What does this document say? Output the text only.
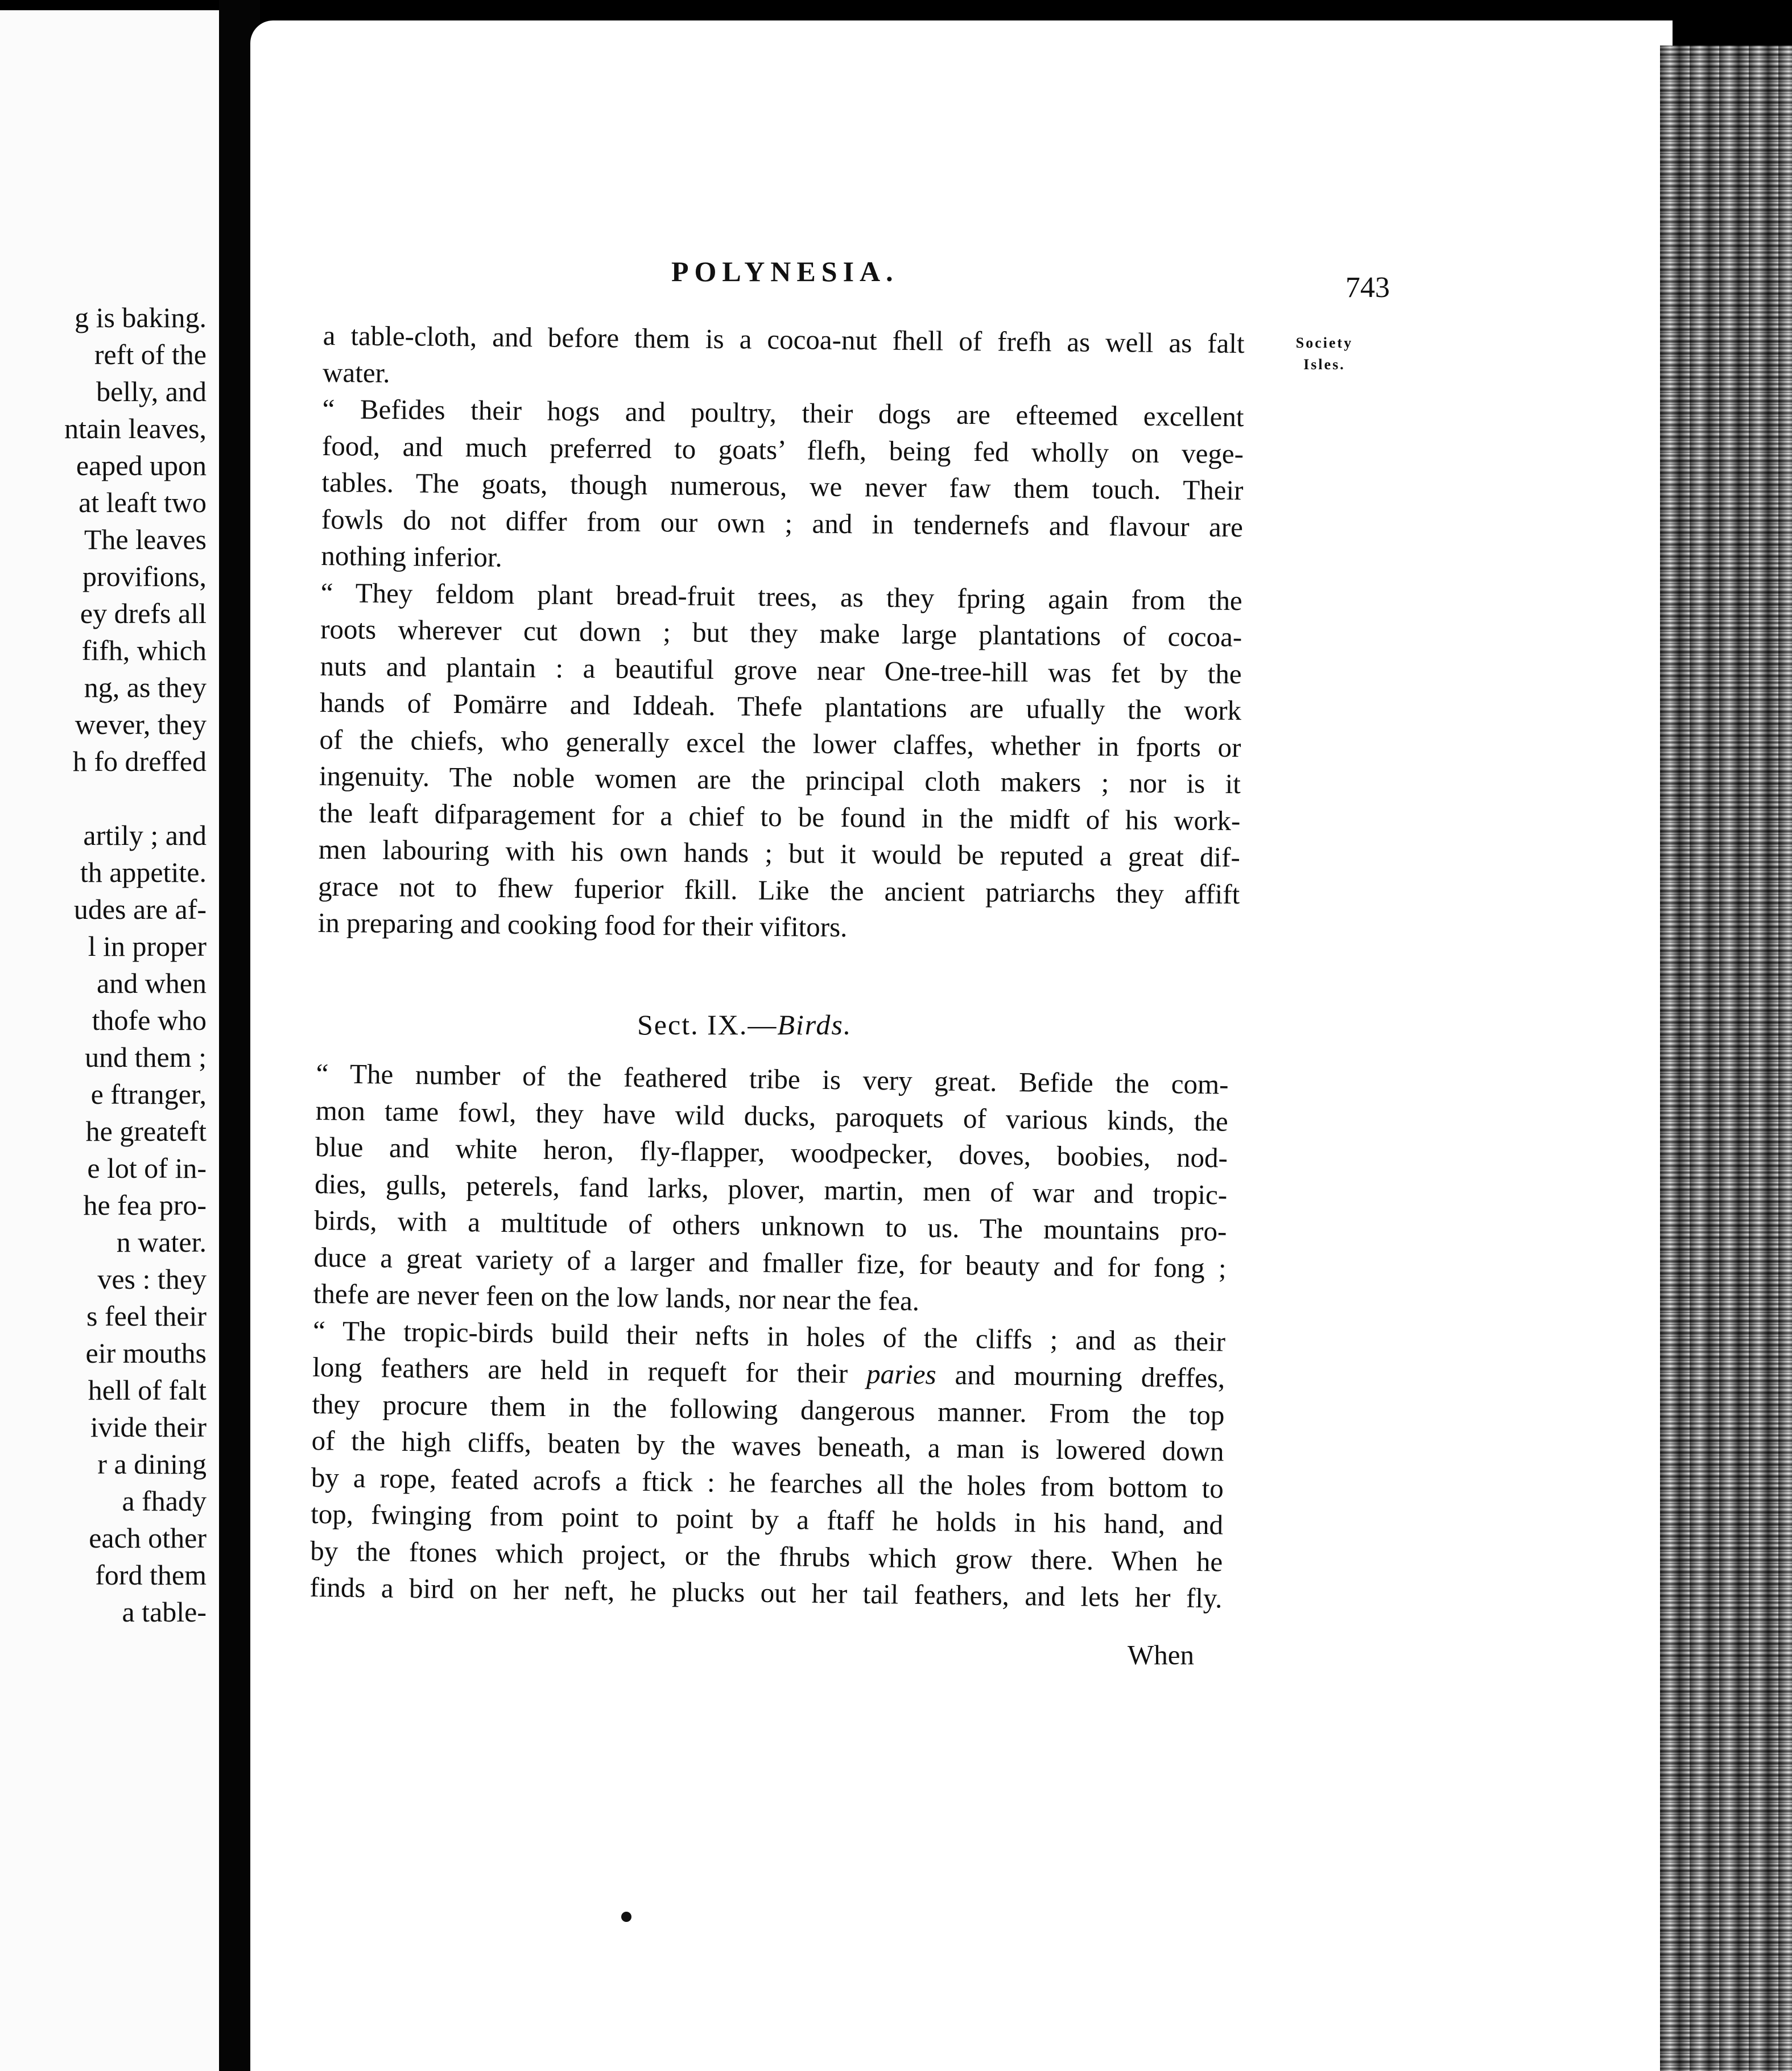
g is baking.
reft of the
belly, and
ntain leaves,
eaped upon
at leaft two
The leaves
provifions,
ey drefs all
fifh, which
ng, as they
wever, they
h fo dreffed
artily ; and
th appetite.
udes are af-
l in proper
and when
thofe who
und them ;
e ftranger,
he greateft
e lot of in-
he fea pro-
n water.
ves : they
s feel their
eir mouths
hell of falt
ivide their
r a dining
a fhady
each other
ford them
a table-
POLYNESIA.	743
Society
Isles.
a table-cloth, and before them is a cocoa-nut fhell of frefh as well as falt
water.
“ Befides their hogs and poultry, their dogs are efteemed excellent
food, and much preferred to goats’ flefh, being fed wholly on vege-
tables. The goats, though numerous, we never faw them touch. Their
fowls do not differ from our own ; and in tendernefs and flavour are
nothing inferior.
“ They feldom plant bread-fruit trees, as they fpring again from the
roots wherever cut down ; but they make large plantations of cocoa-
nuts and plantain : a beautiful grove near One-tree-hill was fet by the
hands of Pomärre and Iddeah. Thefe plantations are ufually the work
of the chiefs, who generally excel the lower claffes, whether in fports or
ingenuity. The noble women are the principal cloth makers ; nor is it
the leaft difparagement for a chief to be found in the midft of his work-
men labouring with his own hands ; but it would be reputed a great dif-
grace not to fhew fuperior fkill. Like the ancient patriarchs they affift
in preparing and cooking food for their vifitors.
Sect. IX.—Birds.
“ The number of the feathered tribe is very great. Befide the com-
mon tame fowl, they have wild ducks, paroquets of various kinds, the
blue and white heron, fly-flapper, woodpecker, doves, boobies, nod-
dies, gulls, peterels, fand larks, plover, martin, men of war and tropic-
birds, with a multitude of others unknown to us. The mountains pro-
duce a great variety of a larger and fmaller fize, for beauty and for fong ;
thefe are never feen on the low lands, nor near the fea.
“ The tropic-birds build their nefts in holes of the cliffs ; and as their
long feathers are held in requeft for their paries and mourning dreffes,
they procure them in the following dangerous manner. From the top
of the high cliffs, beaten by the waves beneath, a man is lowered down
by a rope, feated acrofs a ftick : he fearches all the holes from bottom to
top, fwinging from point to point by a ftaff he holds in his hand, and
by the ftones which project, or the fhrubs which grow there. When he
finds a bird on her neft, he plucks out her tail feathers, and lets her fly.
When
